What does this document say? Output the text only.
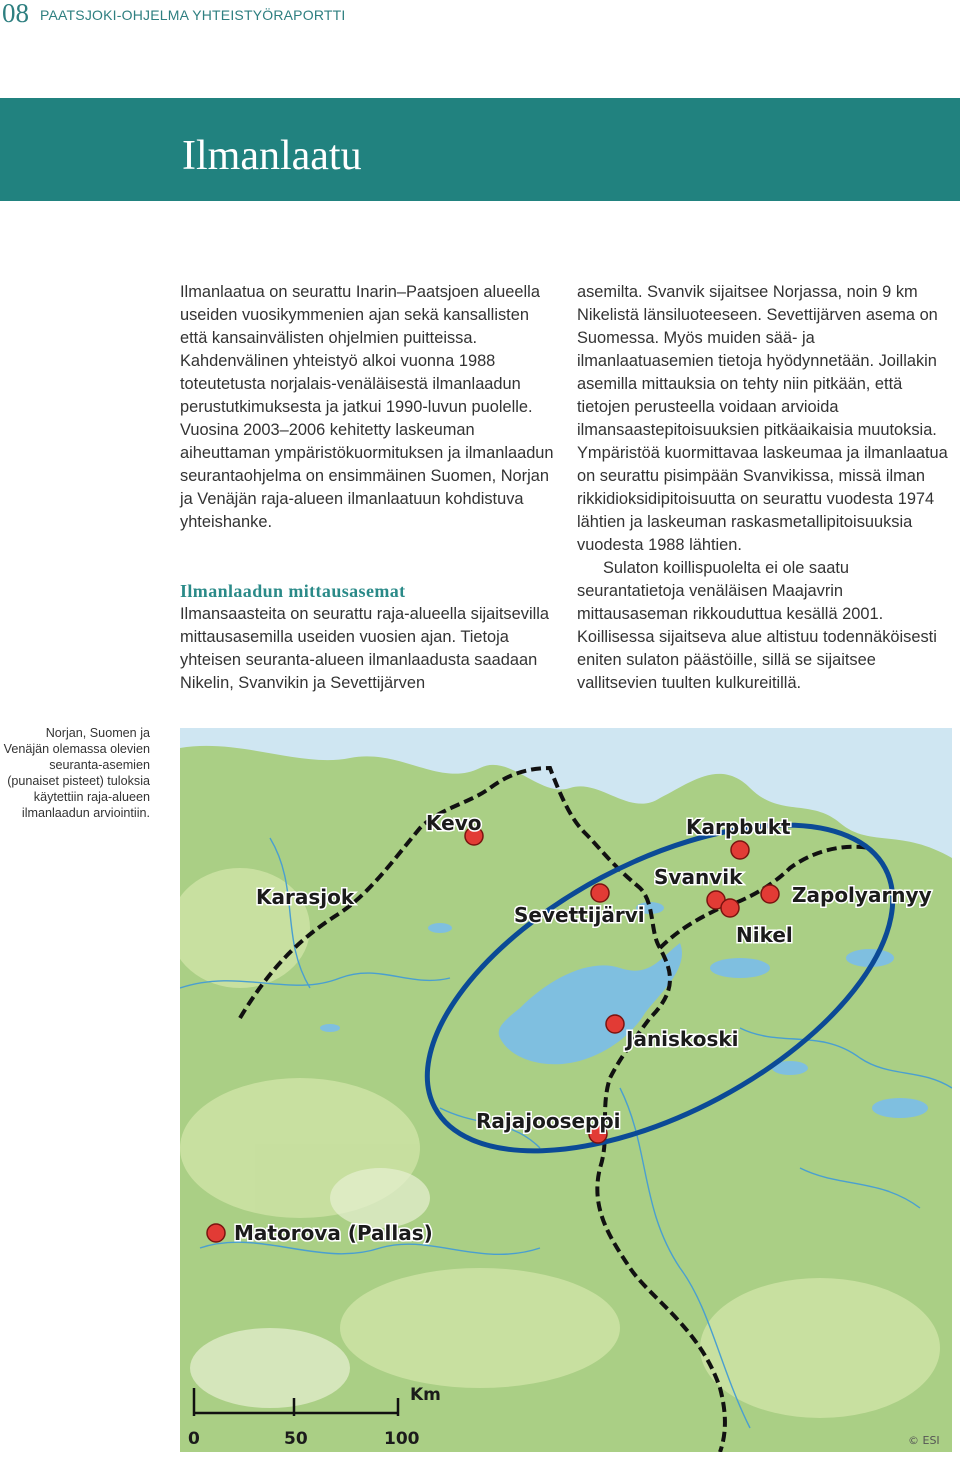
08 PAATSJOKI-OHJELMA YHTEISTYÖRAPORTTI
Ilmanlaatu

Ilmanlaatua on seurattu Inarin–Paatsjoen alueella useiden vuosikymmenien ajan sekä kansallisten että kansainvälisten ohjelmien puitteissa. Kahdenvälinen yhteistyö alkoi vuonna 1988 toteutetusta norjalais-venäläisestä ilmanlaadun perustutkimuksesta ja jatkui 1990-luvun puolelle. Vuosina 2003–2006 kehitetty laskeuman aiheuttaman ympäristökuormituksen ja ilmanlaadun seurantaohjelma on ensimmäinen Suomen, Norjan ja Venäjän raja-alueen ilmanlaatuun kohdistuva yhteishanke.

Ilmanlaadun mittausasemat

Ilmansaasteita on seurattu raja-alueella sijaitsevilla mittausasemilla useiden vuosien ajan. Tietoja yhteisen seuranta-alueen ilmanlaadusta saadaan Nikelin, Svanvikin ja Sevettijärven

asemilta. Svanvik sijaitsee Norjassa, noin 9 km Nikelistä länsiluoteeseen. Sevettijärven asema on Suomessa. Myös muiden sää- ja ilmanlaatuasemien tietoja hyödynnetään. Joillakin asemilla mittauksia on tehty niin pitkään, että tietojen perusteella voidaan arvioida ilmansaastepitoisuuksien pitkäaikaisia muutoksia. Ympäristöä kuormittavaa laskeumaa ja ilmanlaatua on seurattu pisimpään Svanvikissa, missä ilman rikkidioksidipitoisuutta on seurattu vuodesta 1974 lähtien ja laskeuman raskasmetallipitoisuuksia vuodesta 1988 lähtien.

Sulaton koillispuolelta ei ole saatu seurantatietoja venäläisen Maajavrin mittausaseman rikkouduttua kesällä 2001. Koillisessa sijaitseva alue altistuu todennäköisesti eniten sulaton päästöille, sillä se sijaitsee vallitsevien tuulten kulkureitillä.

Norjan, Suomen ja Venäjän olemassa olevien seuranta-asemien (punaiset pisteet) tuloksia käytettiin raja-alueen ilmanlaadun arviointiin.	Kevo
Karasjok
Karpbukt
Svanvik
Zapolyarnyy
Sevettijärvi
Nikel
Janiskoski
Rajajooseppi
Matorova (Pallas)
Km
0	50	100	© ESI
